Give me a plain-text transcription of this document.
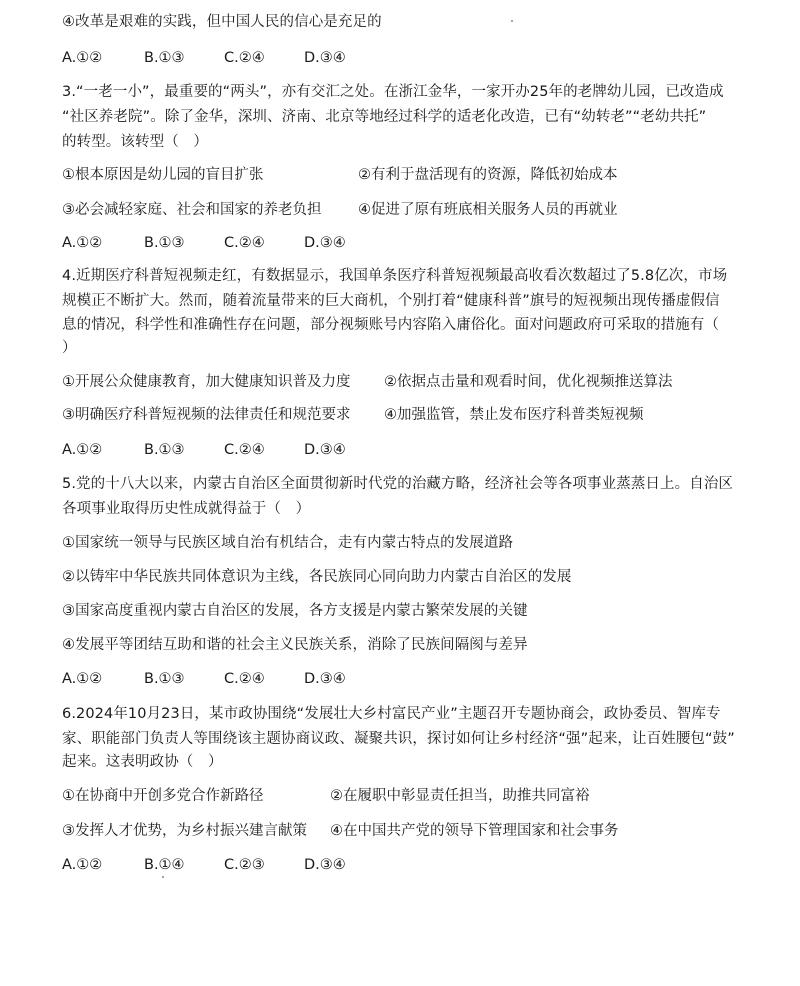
④改革是艰难的实践，但中国人民的信心是充足的
A.①②	B.①③	C.②④	D.③④
3.“一老一小”，最重要的“两头”，亦有交汇之处。在浙江金华，一家开办25年的老牌幼儿园，已改造成
“社区养老院”。除了金华，深圳、济南、北京等地经过科学的适老化改造，已有“幼转老”“老幼共托”
的转型。该转型（　）
①根本原因是幼儿园的盲目扩张	②有利于盘活现有的资源，降低初始成本
③必会减轻家庭、社会和国家的养老负担	④促进了原有班底相关服务人员的再就业
A.①②	B.①③	C.②④	D.③④
4.近期医疗科普短视频走红，有数据显示，我国单条医疗科普短视频最高收看次数超过了5.8亿次，市场
规模正不断扩大。然而，随着流量带来的巨大商机，个别打着“健康科普”旗号的短视频出现传播虚假信
息的情况，科学性和准确性存在问题，部分视频账号内容陷入庸俗化。面对问题政府可采取的措施有（
）
①开展公众健康教育，加大健康知识普及力度 ②依据点击量和观看时间，优化视频推送算法
③明确医疗科普短视频的法律责任和规范要求 ④加强监管，禁止发布医疗科普类短视频
A.①②	B.①③	C.②④	D.③④
5.党的十八大以来，内蒙古自治区全面贯彻新时代党的治藏方略，经济社会等各项事业蒸蒸日上。自治区
各项事业取得历史性成就得益于（　）
①国家统一领导与民族区域自治有机结合，走有内蒙古特点的发展道路
②以铸牢中华民族共同体意识为主线，各民族同心同向助力内蒙古自治区的发展
③国家高度重视内蒙古自治区的发展，各方支援是内蒙古繁荣发展的关键
④发展平等团结互助和谐的社会主义民族关系，消除了民族间隔阂与差异
A.①②	B.①③	C.②④	D.③④
6.2024年10月23日，某市政协围绕“发展壮大乡村富民产业”主题召开专题协商会，政协委员、智库专
家、职能部门负责人等围绕该主题协商议政、凝聚共识，探讨如何让乡村经济“强”起来，让百姓腰包“鼓”
起来。这表明政协（　）
①在协商中开创多党合作新路径	②在履职中彰显责任担当，助推共同富裕
③发挥人才优势，为乡村振兴建言献策 ④在中国共产党的领导下管理国家和社会事务
A.①②	B.①④	C.②③	D.③④
